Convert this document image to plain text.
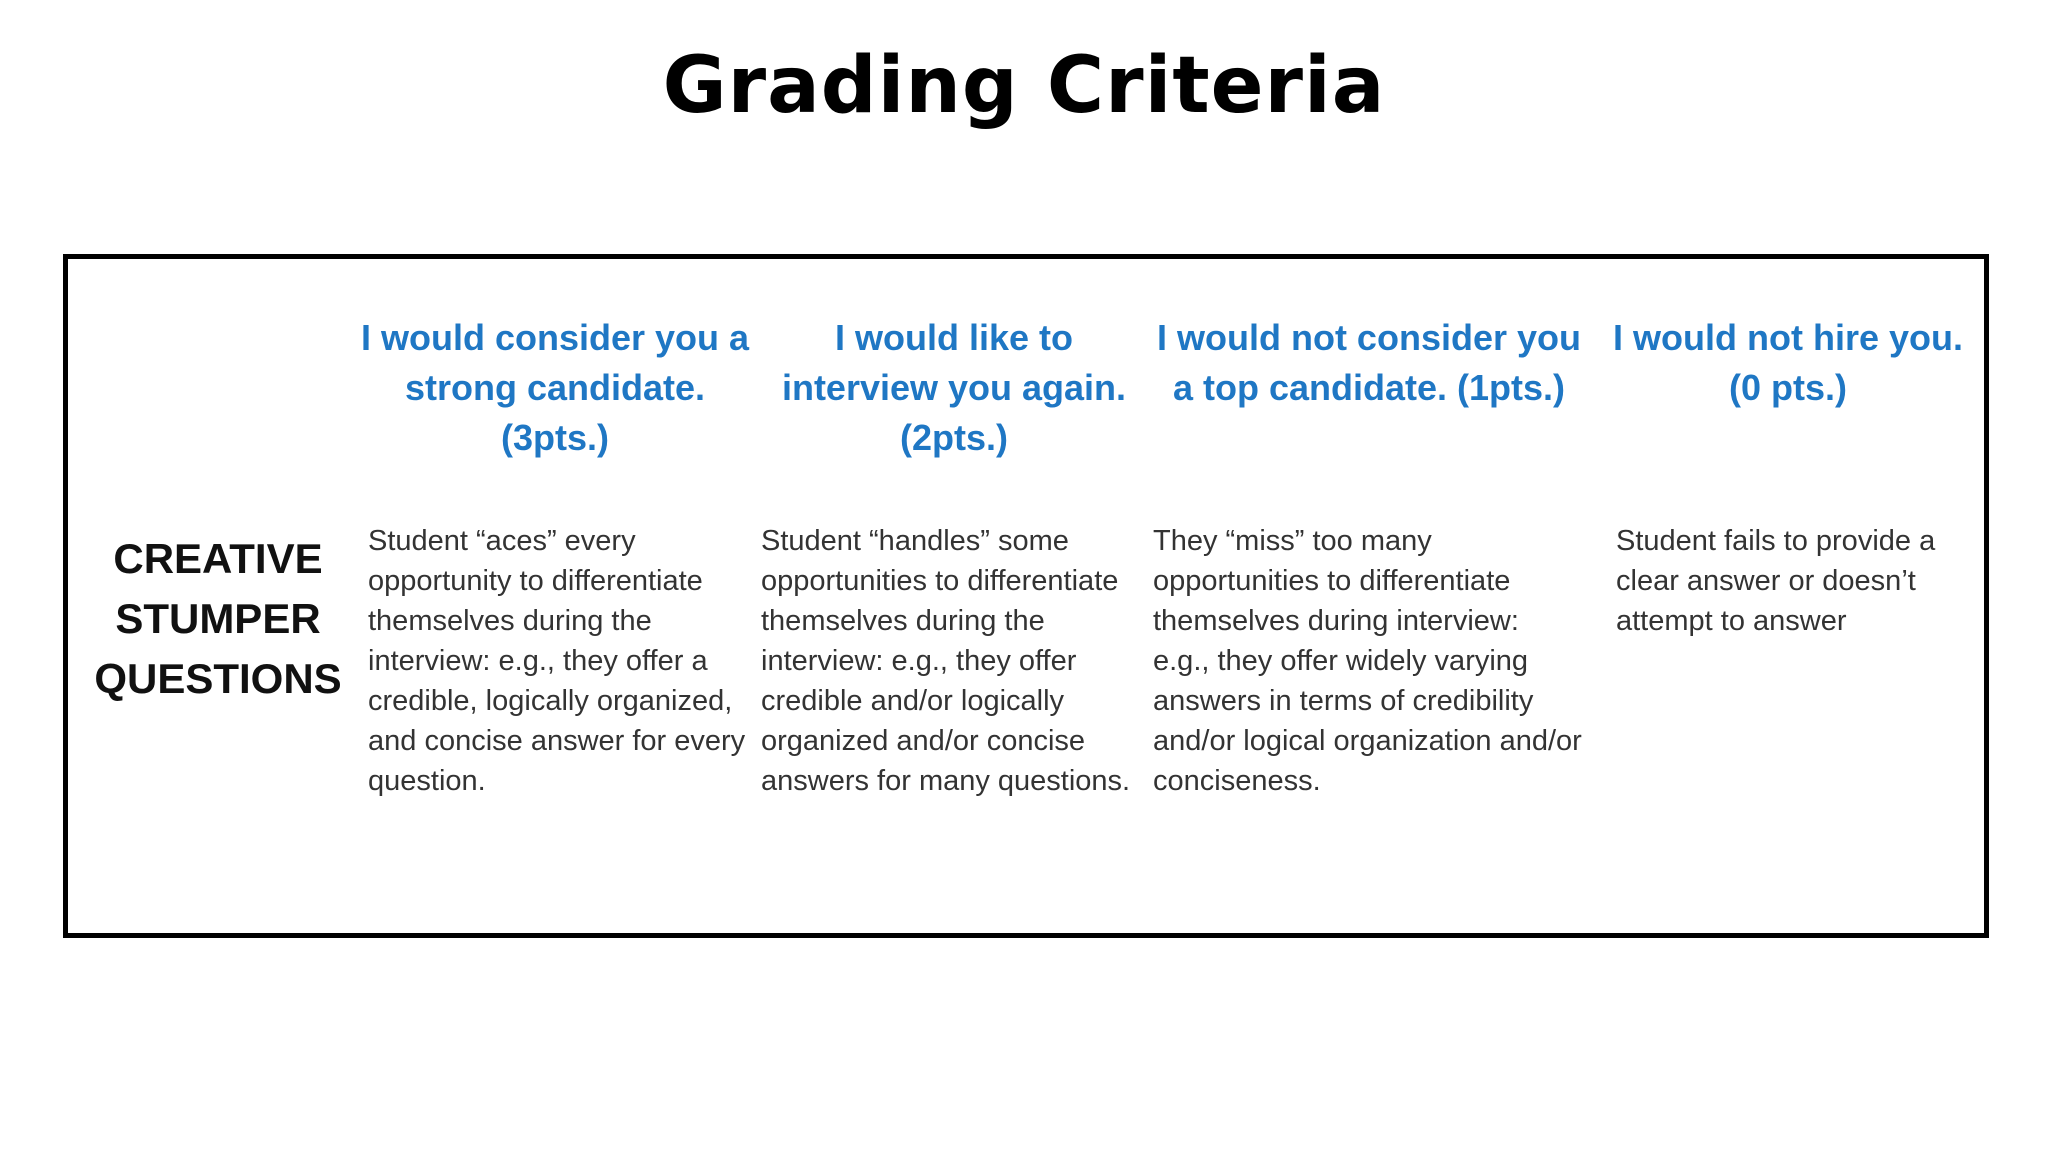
Grading Criteria
I would consider you a strong candidate. (3pts.)
I would like to interview you again. (2pts.)
I would not consider you a top candidate. (1pts.)
I would not hire you. (0 pts.)
CREATIVE STUMPER QUESTIONS
Student “aces” every opportunity to differentiate themselves during the interview: e.g., they offer a credible, logically organized, and concise answer for every question.
Student “handles” some opportunities to differentiate themselves during the interview: e.g., they offer credible and/or logically organized and/or concise answers for many questions.
They “miss” too many opportunities to differentiate themselves during interview: e.g., they offer widely varying answers in terms of credibility and/or logical organization and/or conciseness.
Student fails to provide a clear answer or doesn’t attempt to answer
